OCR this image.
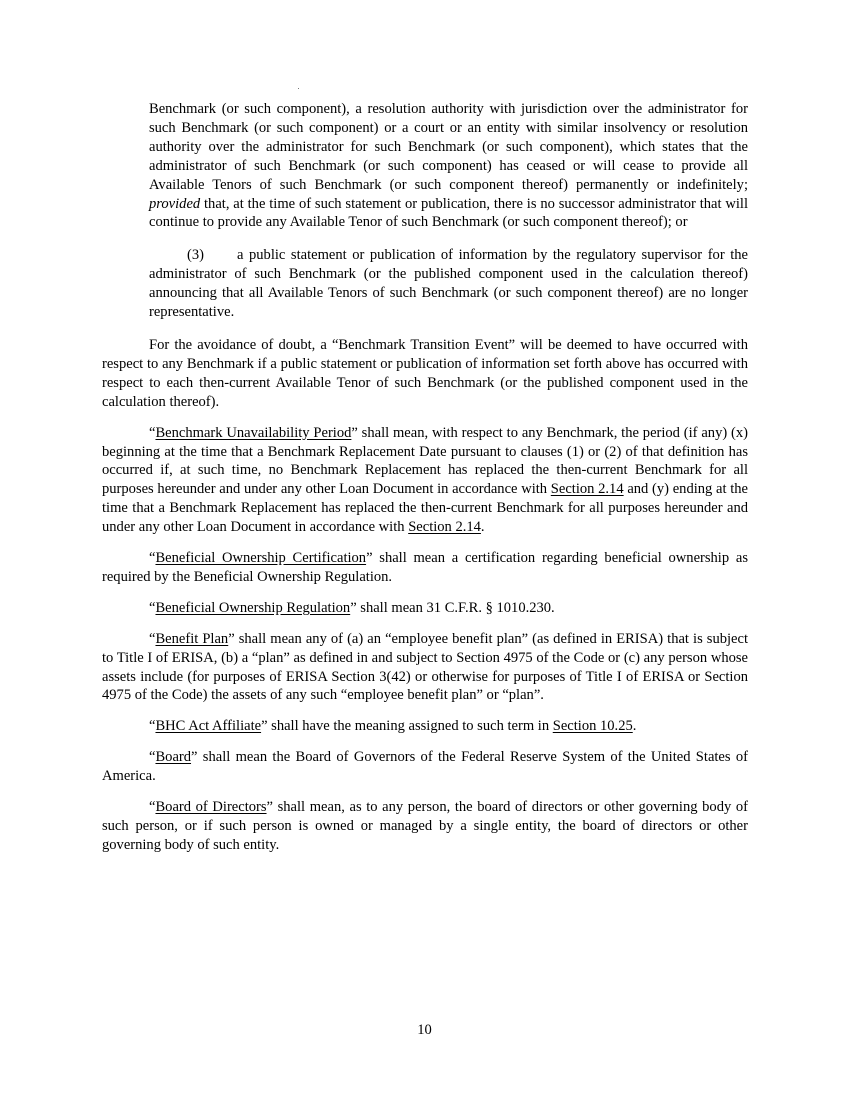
Benchmark (or such component), a resolution authority with jurisdiction over the administrator for such Benchmark (or such component) or a court or an entity with similar insolvency or resolution authority over the administrator for such Benchmark (or such component), which states that the administrator of such Benchmark (or such component) has ceased or will cease to provide all Available Tenors of such Benchmark (or such component thereof) permanently or indefinitely; provided that, at the time of such statement or publication, there is no successor administrator that will continue to provide any Available Tenor of such Benchmark (or such component thereof); or

(3) a public statement or publication of information by the regulatory supervisor for the administrator of such Benchmark (or the published component used in the calculation thereof) announcing that all Available Tenors of such Benchmark (or such component thereof) are no longer representative.

For the avoidance of doubt, a “Benchmark Transition Event” will be deemed to have occurred with respect to any Benchmark if a public statement or publication of information set forth above has occurred with respect to each then-current Available Tenor of such Benchmark (or the published component used in the calculation thereof).

“Benchmark Unavailability Period” shall mean, with respect to any Benchmark, the period (if any) (x) beginning at the time that a Benchmark Replacement Date pursuant to clauses (1) or (2) of that definition has occurred if, at such time, no Benchmark Replacement has replaced the then-current Benchmark for all purposes hereunder and under any other Loan Document in accordance with Section 2.14 and (y) ending at the time that a Benchmark Replacement has replaced the then-current Benchmark for all purposes hereunder and under any other Loan Document in accordance with Section 2.14.

“Beneficial Ownership Certification” shall mean a certification regarding beneficial ownership as required by the Beneficial Ownership Regulation.

“Beneficial Ownership Regulation” shall mean 31 C.F.R. § 1010.230.

“Benefit Plan” shall mean any of (a) an “employee benefit plan” (as defined in ERISA) that is subject to Title I of ERISA, (b) a “plan” as defined in and subject to Section 4975 of the Code or (c) any person whose assets include (for purposes of ERISA Section 3(42) or otherwise for purposes of Title I of ERISA or Section 4975 of the Code) the assets of any such “employee benefit plan” or “plan”.

“BHC Act Affiliate” shall have the meaning assigned to such term in Section 10.25.

“Board” shall mean the Board of Governors of the Federal Reserve System of the United States of America.

“Board of Directors” shall mean, as to any person, the board of directors or other governing body of such person, or if such person is owned or managed by a single entity, the board of directors or other governing body of such entity.

10
